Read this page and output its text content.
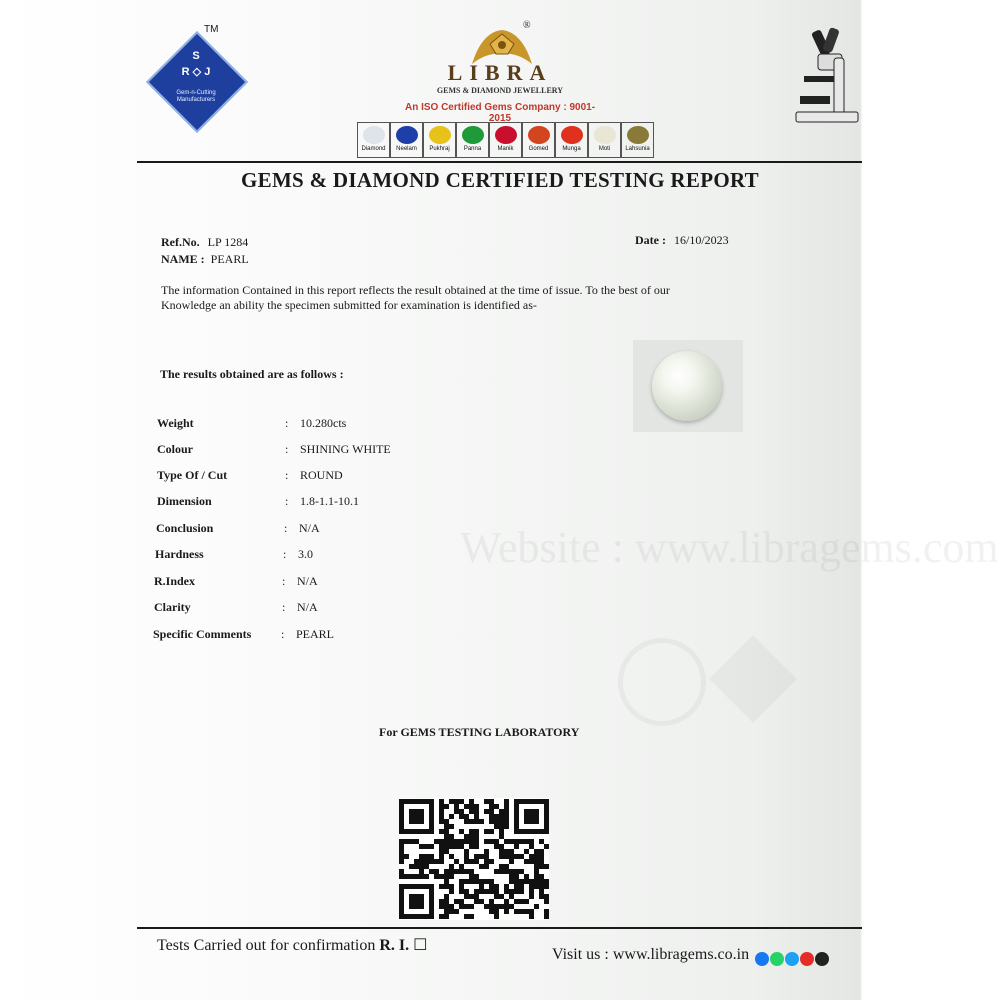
S
R ◇ J
Gem-n-Cutting Manufacturers
TM	®
LIBRA
GEMS & DIAMOND JEWELLERY
An ISO Certified Gems Company : 9001-2015
Diamond Neelam Pukhraj Panna	Manik	Gomed Munga	Moti	Lahsunia
GEMS & DIAMOND CERTIFIED TESTING REPORT
Ref.No. LP 1284
NAME : PEARL
Date : 16/10/2023
The information Contained in this report reflects the result obtained at the time of issue. To the best of our
Knowledge an ability the specimen submitted for examination is identified as-
The results obtained are as follows :
Website : www.libragems.com
Weight	: 10.280cts
Colour	: SHINING WHITE
Type Of / Cut	: ROUND
Dimension	: 1.8-1.1-10.1
Conclusion	: N/A
Hardness	: 3.0
R.Index	: N/A
Clarity	: N/A
Specific Comments : PEARL
For GEMS TESTING LABORATORY
Tests Carried out for confirmation R. I. ☐
Visit us : www.libragems.co.in
